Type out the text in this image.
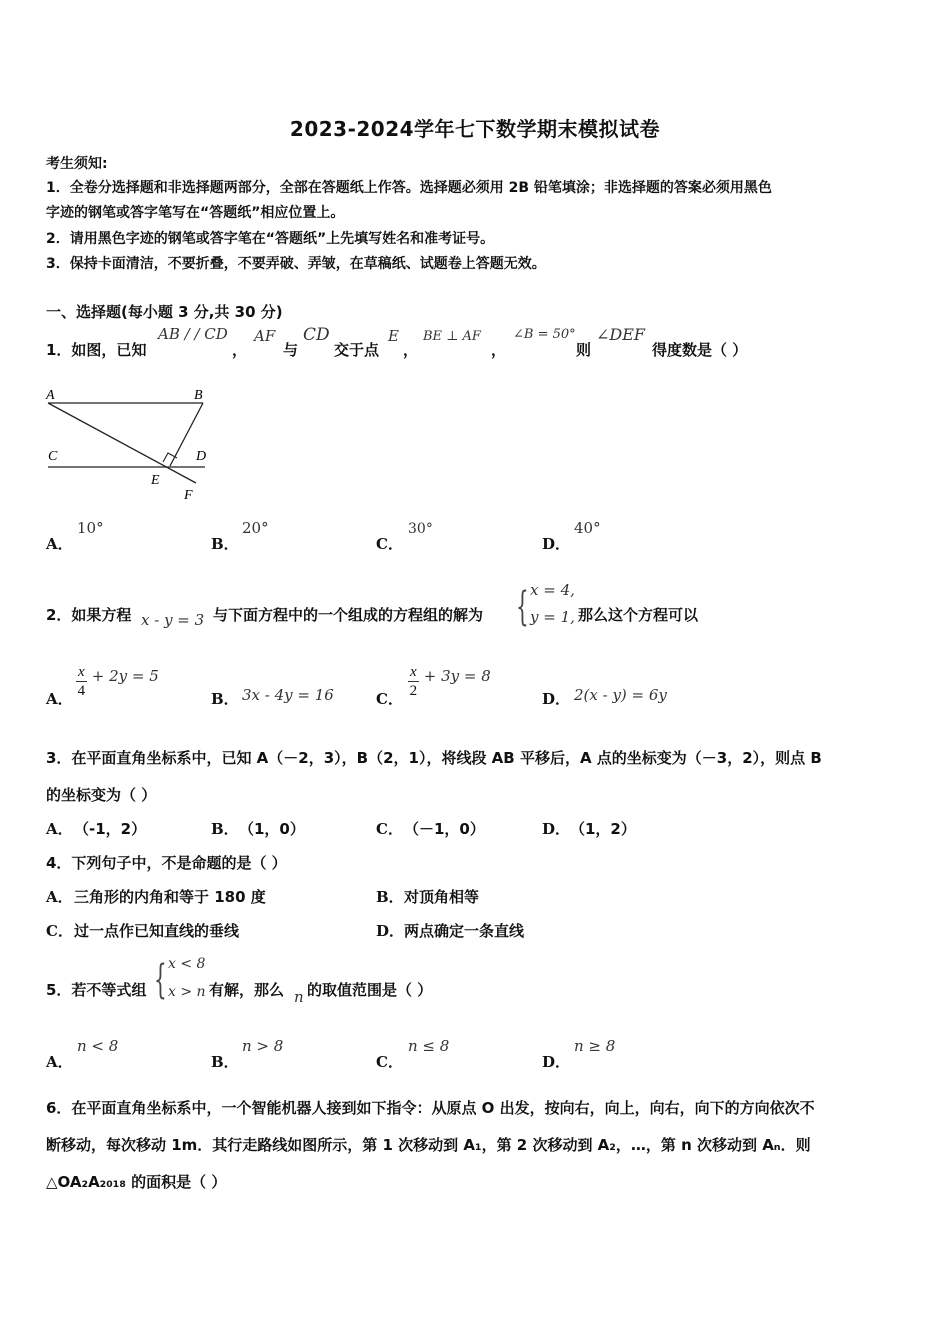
2023-2024学年七下数学期末模拟试卷
考生须知:
1．全卷分选择题和非选择题两部分，全部在答题纸上作答。选择题必须用 2B 铅笔填涂；非选择题的答案必须用黑色
字迹的钢笔或答字笔写在“答题纸”相应位置上。
2．请用黑色字迹的钢笔或答字笔在“答题纸”上先填写姓名和准考证号。
3．保持卡面清洁，不要折叠，不要弄破、弄皱，在草稿纸、试题卷上答题无效。
一、选择题(每小题 3 分,共 30 分)
1．如图，已知
AB / / CD
，
AF
与
CD
交于点
E
，
BE ⊥ AF
，
∠B = 50°
则
∠DEF
得度数是（ ）
A	B
C	D
E
F
A．
10°
B．
20°
C．
30°
D．
40°
2．如果方程 x - y = 3 与下面方程中的一个组成的方程组的解为 { x = 4,
y = 1, 那么这个方程可以
A． $\frac{x}{4} + 2y = 5$
B． 3x - 4y = 16	C． $\frac{x}{2} + 3y = 8$
D． 2(x - y) = 6y
3．在平面直角坐标系中，已知 A（－2，3），B（2，1），将线段 AB 平移后，A 点的坐标变为（－3，2），则点 B
的坐标变为（ ）
A． （-1，2）	B． （1，0）	C． （－1，0）	D． （1，2）
4．下列句子中，不是命题的是（ ）
A． 三角形的内角和等于 180 度	B． 对顶角相等
C． 过一点作已知直线的垂线	D． 两点确定一条直线
5．若不等式组 { x < 8
x > n 有解，那么 n 的取值范围是（ ）
A．
n < 8
B．
n > 8
C．
n ≤ 8
D．
n ≥ 8
6．在平面直角坐标系中，一个智能机器人接到如下指令：从原点 O 出发，按向右，向上，向右，向下的方向依次不
断移动，每次移动 1m．其行走路线如图所示，第 1 次移动到 A₁，第 2 次移动到 A₂，…，第 n 次移动到 Aₙ．则
△OA₂A₂₀₁₈ 的面积是（ ）
